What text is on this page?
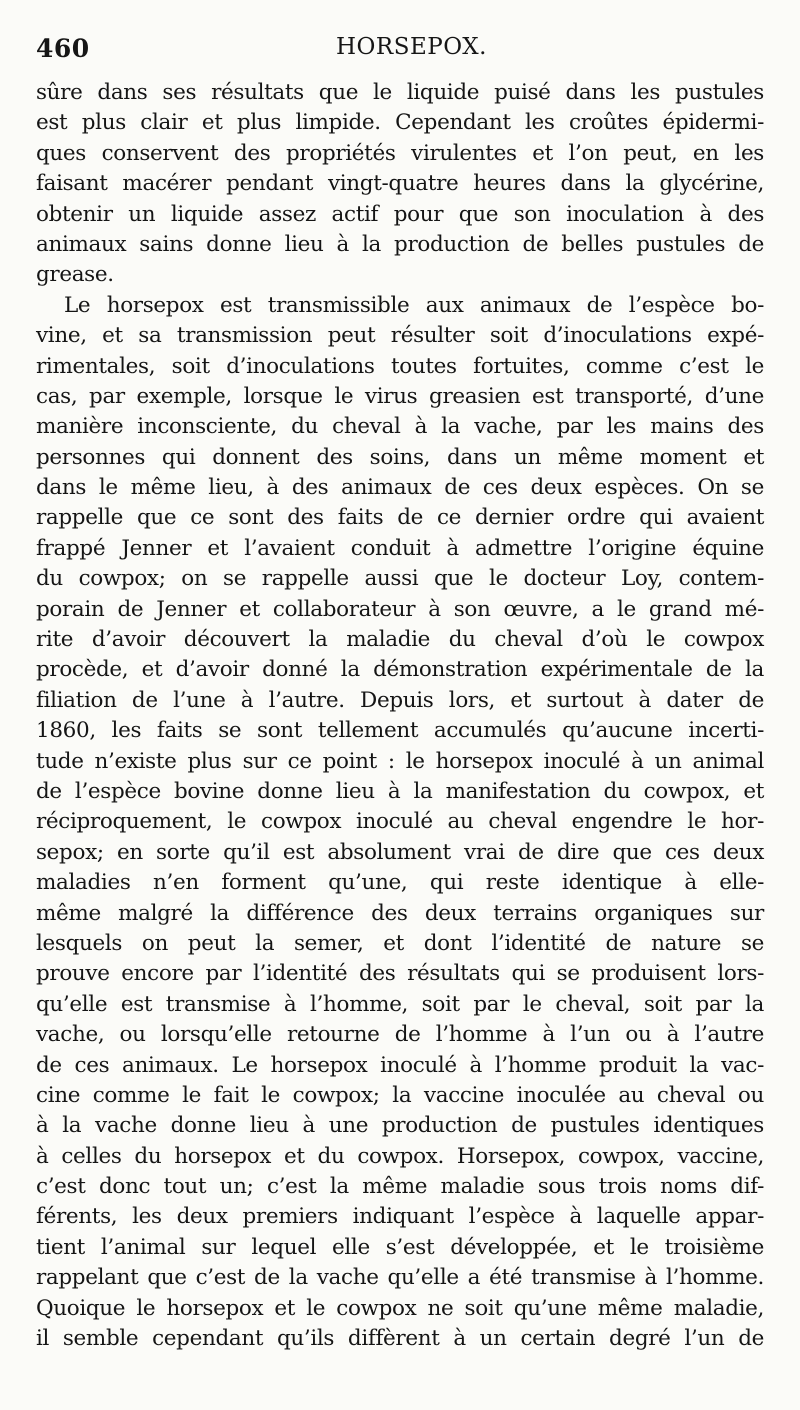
460	HORSEPOX.
sûre dans ses résultats que le liquide puisé dans les pustules
est plus clair et plus limpide. Cependant les croûtes épidermi-
ques conservent des propriétés virulentes et l’on peut, en les
faisant macérer pendant vingt-quatre heures dans la glycérine,
obtenir un liquide assez actif pour que son inoculation à des
animaux sains donne lieu à la production de belles pustules de
grease.
Le horsepox est transmissible aux animaux de l’espèce bo-
vine, et sa transmission peut résulter soit d’inoculations expé-
rimentales, soit d’inoculations toutes fortuites, comme c’est le
cas, par exemple, lorsque le virus greasien est transporté, d’une
manière inconsciente, du cheval à la vache, par les mains des
personnes qui donnent des soins, dans un même moment et
dans le même lieu, à des animaux de ces deux espèces. On se
rappelle que ce sont des faits de ce dernier ordre qui avaient
frappé Jenner et l’avaient conduit à admettre l’origine équine
du cowpox; on se rappelle aussi que le docteur Loy, contem-
porain de Jenner et collaborateur à son œuvre, a le grand mé-
rite d’avoir découvert la maladie du cheval d’où le cowpox
procède, et d’avoir donné la démonstration expérimentale de la
filiation de l’une à l’autre. Depuis lors, et surtout à dater de
1860, les faits se sont tellement accumulés qu’aucune incerti-
tude n’existe plus sur ce point : le horsepox inoculé à un animal
de l’espèce bovine donne lieu à la manifestation du cowpox, et
réciproquement, le cowpox inoculé au cheval engendre le hor-
sepox; en sorte qu’il est absolument vrai de dire que ces deux
maladies n’en forment qu’une, qui reste identique à elle-
même malgré la différence des deux terrains organiques sur
lesquels on peut la semer, et dont l’identité de nature se
prouve encore par l’identité des résultats qui se produisent lors-
qu’elle est transmise à l’homme, soit par le cheval, soit par la
vache, ou lorsqu’elle retourne de l’homme à l’un ou à l’autre
de ces animaux. Le horsepox inoculé à l’homme produit la vac-
cine comme le fait le cowpox; la vaccine inoculée au cheval ou
à la vache donne lieu à une production de pustules identiques
à celles du horsepox et du cowpox. Horsepox, cowpox, vaccine,
c’est donc tout un; c’est la même maladie sous trois noms dif-
férents, les deux premiers indiquant l’espèce à laquelle appar-
tient l’animal sur lequel elle s’est développée, et le troisième
rappelant que c’est de la vache qu’elle a été transmise à l’homme.
Quoique le horsepox et le cowpox ne soit qu’une même maladie,
il semble cependant qu’ils diffèrent à un certain degré l’un de
